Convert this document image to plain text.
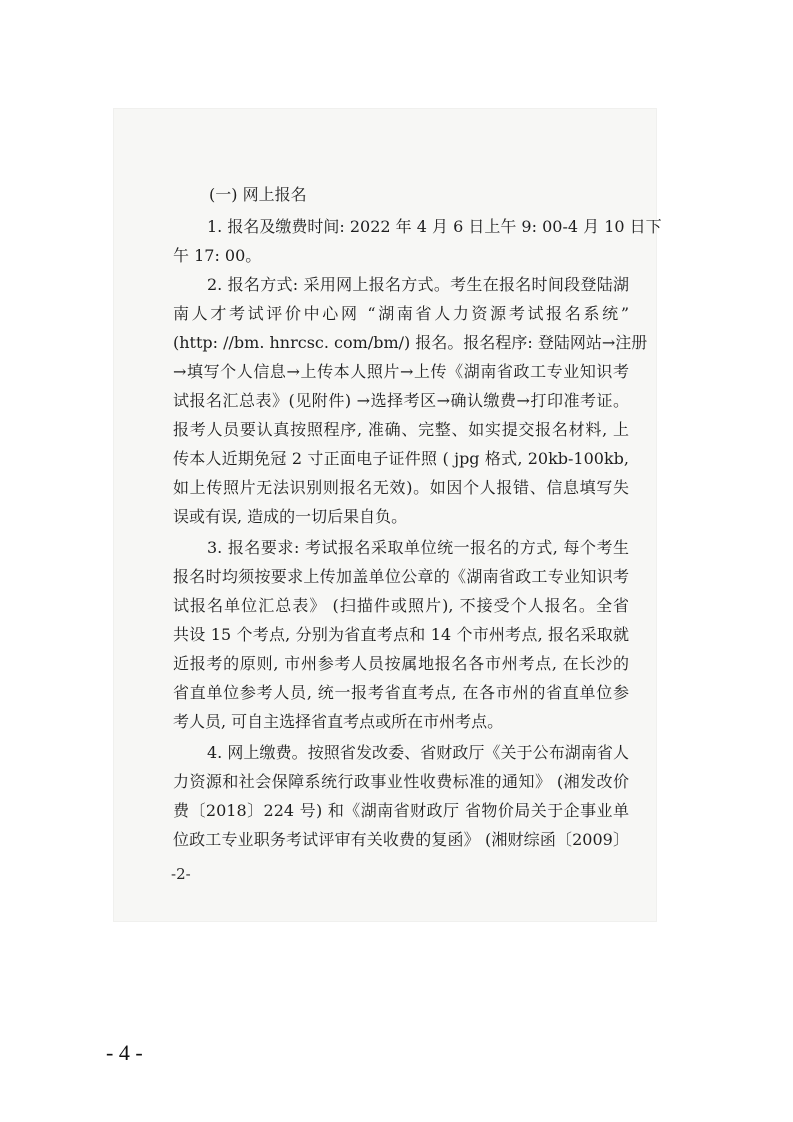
(一) 网上报名
1. 报名及缴费时间: 2022 年 4 月 6 日上午 9: 00-4 月 10 日下
午 17: 00。
2. 报名方式: 采用网上报名方式。考生在报名时间段登陆湖
南人才考试评价中心网 “湖南省人力资源考试报名系统”
(http: //bm. hnrcsc. com/bm/) 报名。报名程序: 登陆网站→注册
→填写个人信息→上传本人照片→上传《湖南省政工专业知识考
试报名汇总表》(见附件) →选择考区→确认缴费→打印准考证。
报考人员要认真按照程序, 准确、完整、如实提交报名材料, 上
传本人近期免冠 2 寸正面电子证件照 ( jpg 格式, 20kb-100kb,
如上传照片无法识别则报名无效)。如因个人报错、信息填写失
误或有误, 造成的一切后果自负。
3. 报名要求: 考试报名采取单位统一报名的方式, 每个考生
报名时均须按要求上传加盖单位公章的《湖南省政工专业知识考
试报名单位汇总表》 (扫描件或照片), 不接受个人报名。全省
共设 15 个考点, 分别为省直考点和 14 个市州考点, 报名采取就
近报考的原则, 市州参考人员按属地报名各市州考点, 在长沙的
省直单位参考人员, 统一报考省直考点, 在各市州的省直单位参
考人员, 可自主选择省直考点或所在市州考点。
4. 网上缴费。按照省发改委、省财政厅《关于公布湖南省人
力资源和社会保障系统行政事业性收费标准的通知》 (湘发改价
费〔2018〕224 号) 和《湖南省财政厅 省物价局关于企事业单
位政工专业职务考试评审有关收费的复函》 (湘财综函〔2009〕
-2-
- 4 -
